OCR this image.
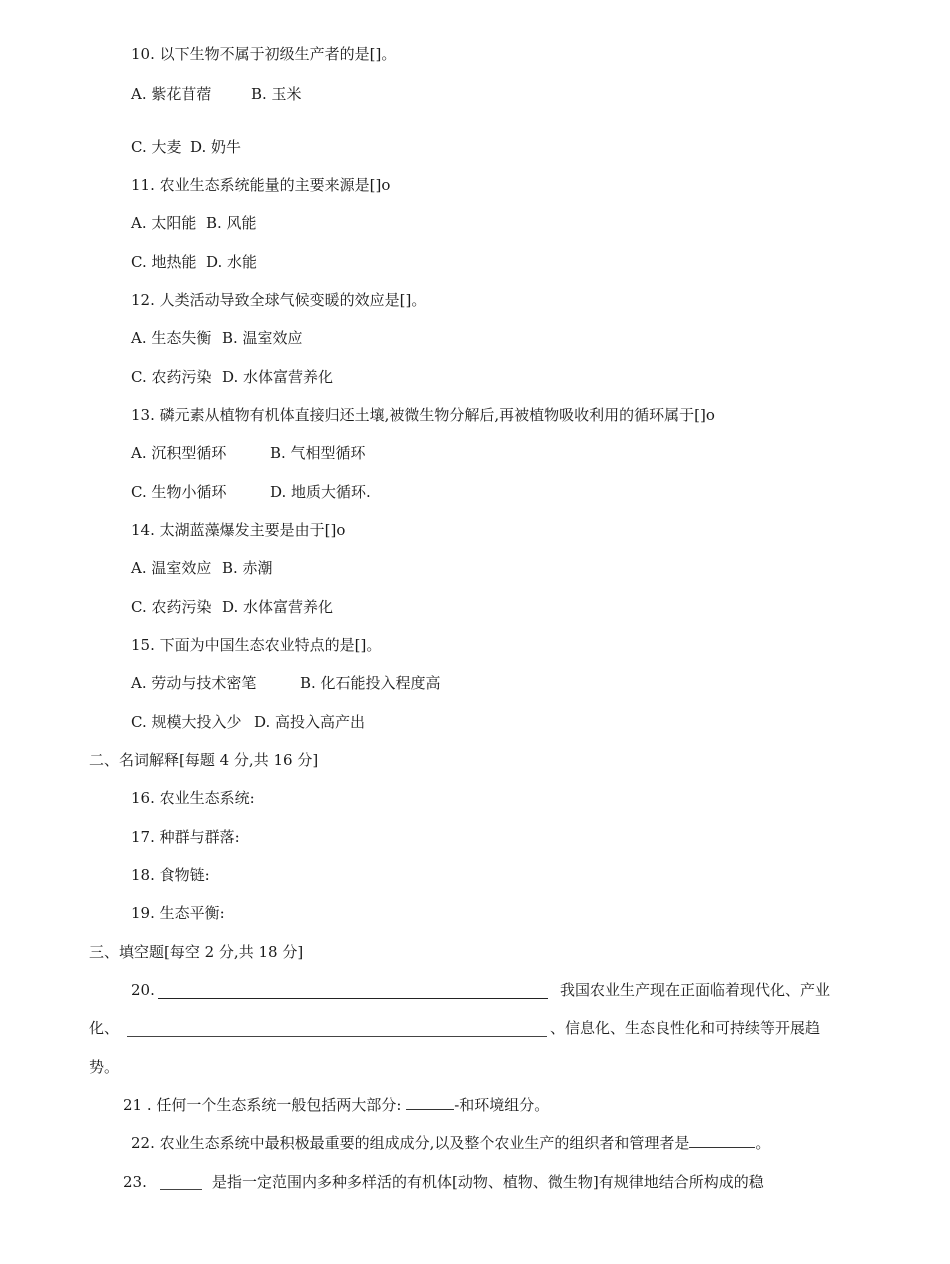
10. 以下生物不属于初级生产者的是[]。
A. 紫花苜蓿	B. 玉米
C. 大麦 D. 奶牛
11. 农业生态系统能量的主要来源是[]o
A. 太阳能 B. 风能
C. 地热能 D. 水能
12. 人类活动导致全球气候变暖的效应是[]。
A. 生态失衡 B. 温室效应
C. 农药污染 D. 水体富营养化
13. 磷元素从植物有机体直接归还土壤,被微生物分解后,再被植物吸收利用的循环属于[]o
A. 沉积型循环	B. 气相型循环
C. 生物小循环	D. 地质大循环.
14. 太湖蓝藻爆发主要是由于[]o
A. 温室效应 B. 赤潮
C. 农药污染 D. 水体富营养化
15. 下面为中国生态农业特点的是[]。
A. 劳动与技术密笔	B. 化石能投入程度高
C. 规模大投入少 D. 高投入高产出
二、名词解释[每题 4 分,共 16 分]
16. 农业生态系统:
17. 种群与群落:
18. 食物链:
19. 生态平衡:
三、填空题[每空 2 分,共 18 分]
20.	我国农业生产现在正面临着现代化、产业
化、	、信息化、生态良性化和可持续等开展趋
势。
21 . 任何一个生态系统一般包括两大部分:	-和环境组分。
22. 农业生态系统中最积极最重要的组成成分,以及整个农业生产的组织者和管理者是	。
23.	是指一定范围内多种多样活的有机体[动物、植物、微生物]有规律地结合所构成的稳
